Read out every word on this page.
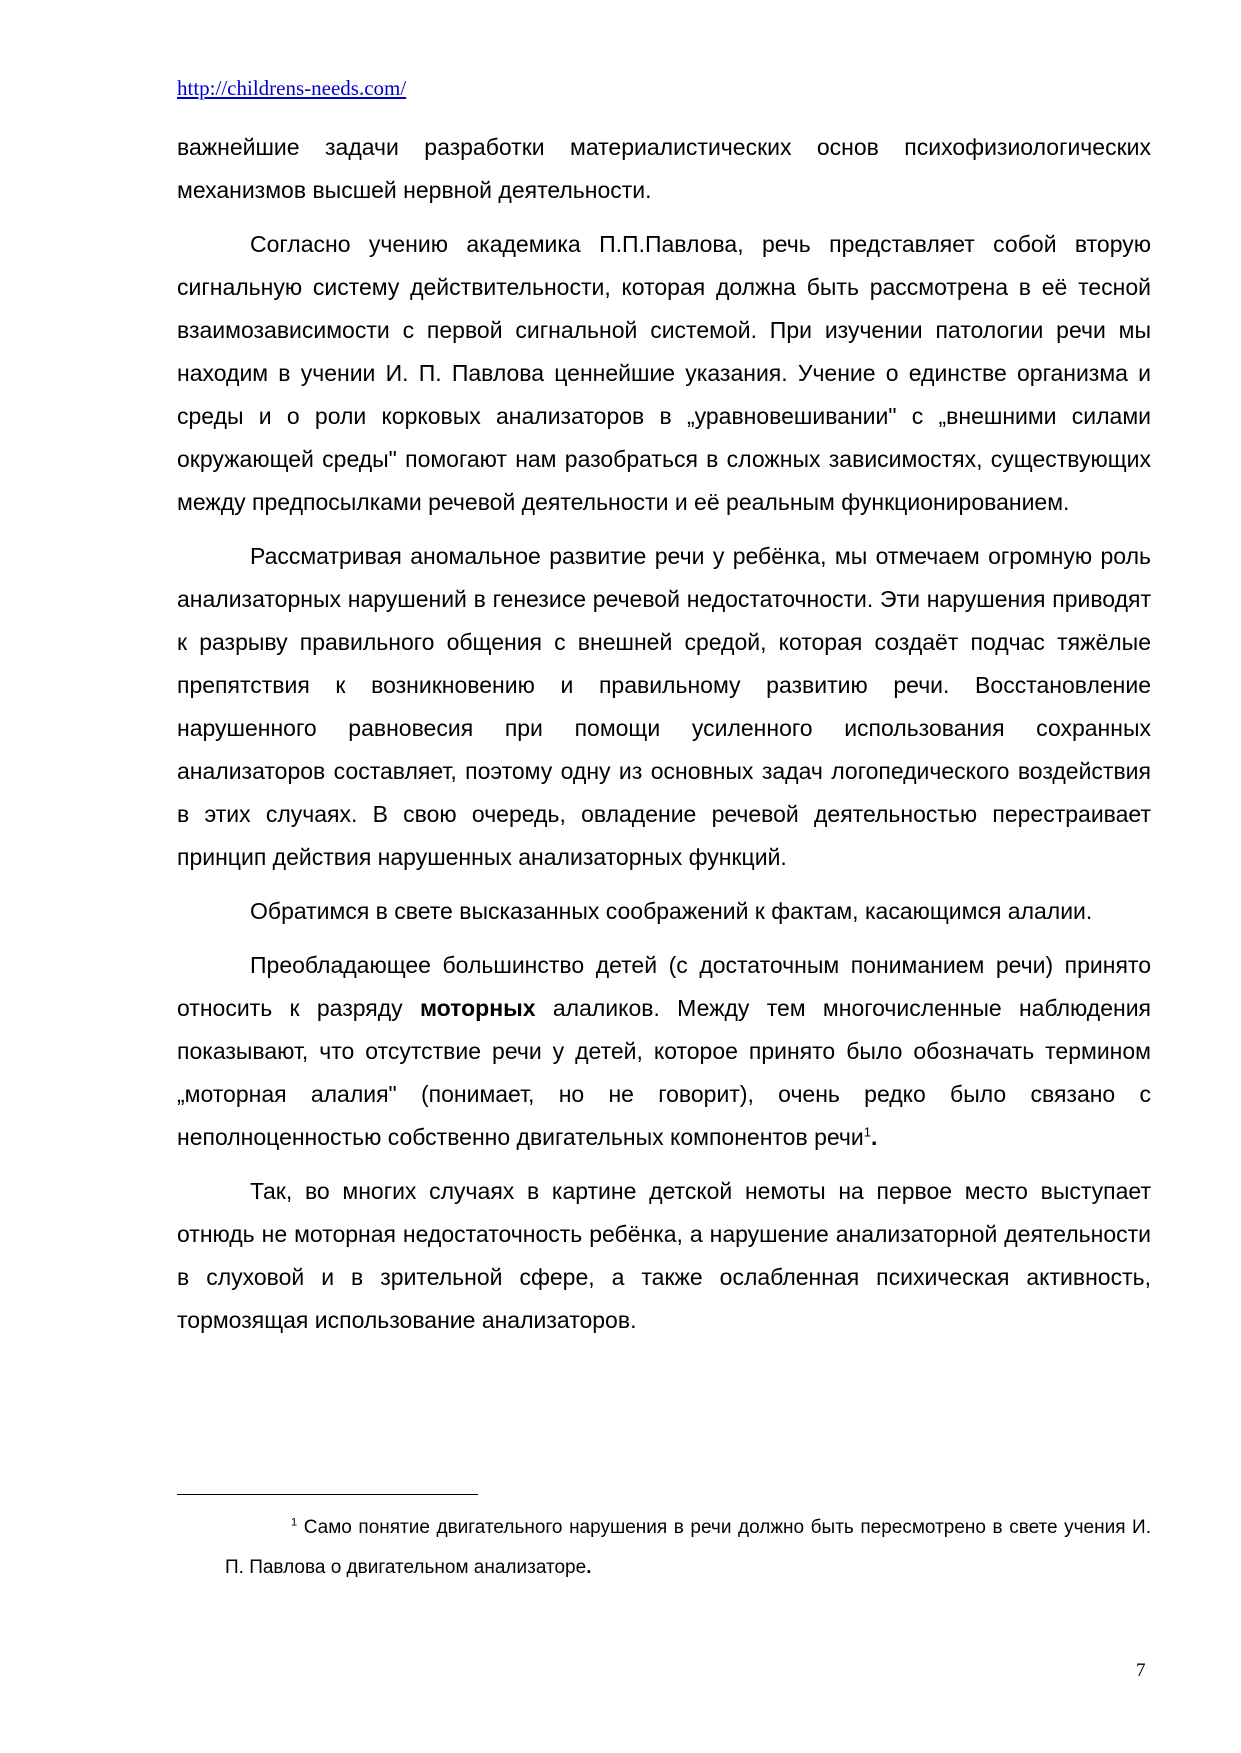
http://childrens-needs.com/

важнейшие задачи разработки материалистических основ психофизиологических механизмов высшей нервной деятельности.

Согласно учению академика П.П.Павлова, речь представляет собой вторую сигнальную систему действительности, которая должна быть рассмотрена в её тесной взаимозависимости с первой сигнальной системой. При изучении патологии речи мы находим в учении И. П. Павлова ценнейшие указания. Учение о единстве организма и среды и о роли корковых анализаторов в „уравновешивании" с „внешними силами окружающей среды" помогают нам разобраться в сложных зависимостях, существующих между предпосылками речевой деятельности и её реальным функционированием.

Рассматривая аномальное развитие речи у ребёнка, мы отмечаем огромную роль анализаторных нарушений в генезисе речевой недостаточности. Эти нарушения приводят к разрыву правильного общения с внешней средой, которая создаёт подчас тяжёлые препятствия к возникновению и правильному развитию речи. Восстановление нарушенного равновесия при помощи усиленного использования сохранных анализаторов составляет, поэтому одну из основных задач логопедического воздействия в этих случаях. В свою очередь, овладение речевой деятельностью перестраивает принцип действия нарушенных анализаторных функций.

Обратимся в свете высказанных соображений к фактам, касающимся алалии.

Преобладающее большинство детей (с достаточным пониманием речи) принято относить к разряду моторных алаликов. Между тем многочисленные наблюдения показывают, что отсутствие речи у детей, которое принято было обозначать термином „моторная алалия" (понимает, но не говорит), очень редко было связано с неполноценностью собственно двигательных компонентов речи$^1$.

Так, во многих случаях в картине детской немоты на первое место выступает отнюдь не моторная недостаточность ребёнка, а нарушение анализаторной деятельности в слуховой и в зрительной сфере, а также ослабленная психическая активность, тормозящая использование анализаторов.

$^1$ Само понятие двигательного нарушения в речи должно быть пересмотрено в свете учения И. П. Павлова о двигательном анализаторе.
7
